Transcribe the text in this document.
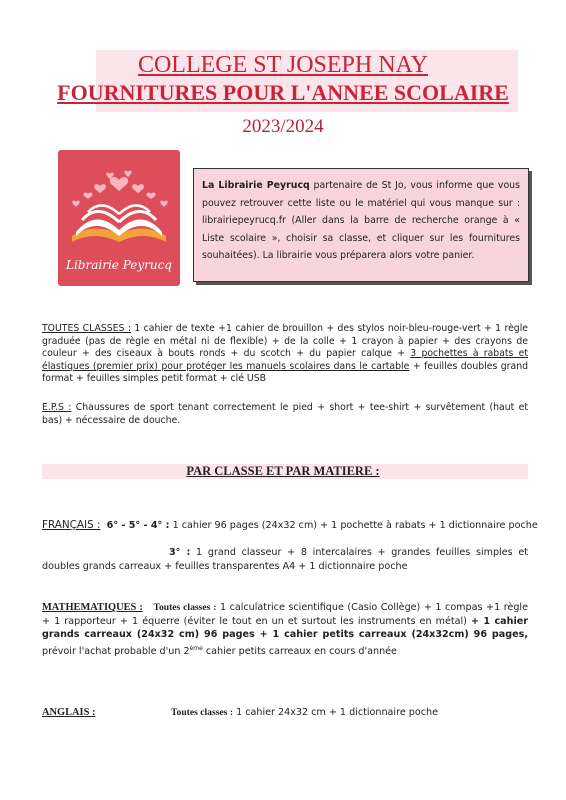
COLLEGE ST JOSEPH NAY
FOURNITURES POUR L'ANNEE SCOLAIRE
2023/2024
Librairie Peyrucq
La Librairie Peyrucq partenaire de St Jo, vous informe que vous pouvez retrouver cette liste ou le matériel qui vous manque sur : librairiepeyrucq.fr (Aller dans la barre de recherche orange à « Liste scolaire », choisir sa classe, et cliquer sur les fournitures souhaitées). La librairie vous préparera alors votre panier.
TOUTES CLASSES : 1 cahier de texte +1 cahier de brouillon + des stylos noir-bleu-rouge-vert + 1 règle graduée (pas de règle en métal ni de flexible) + de la colle + 1 crayon à papier + des crayons de couleur + des ciseaux à bouts ronds + du scotch + du papier calque + 3 pochettes à rabats et élastiques (premier prix) pour protéger les manuels scolaires dans le cartable + feuilles doubles grand format + feuilles simples petit format + clé USB
E.P.S : Chaussures de sport tenant correctement le pied + short + tee-shirt + survêtement (haut et bas) + nécessaire de douche.
PAR CLASSE ET PAR MATIERE :
FRANÇAIS : 6° - 5° - 4° : 1 cahier 96 pages (24x32 cm) + 1 pochette à rabats + 1 dictionnaire poche
3° : 1 grand classeur + 8 intercalaires + grandes feuilles simples et doubles grands carreaux + feuilles transparentes A4 + 1 dictionnaire poche
MATHEMATIQUES : Toutes classes : 1 calculatrice scientifique (Casio Collège) + 1 compas +1 règle + 1 rapporteur + 1 équerre (éviter le tout en un et surtout les instruments en métal) + 1 cahier grands carreaux (24x32 cm) 96 pages + 1 cahier petits carreaux (24x32cm) 96 pages, prévoir l'achat probable d'un 2ème cahier petits carreaux en cours d'année
ANGLAIS :	Toutes classes : 1 cahier 24x32 cm + 1 dictionnaire poche
